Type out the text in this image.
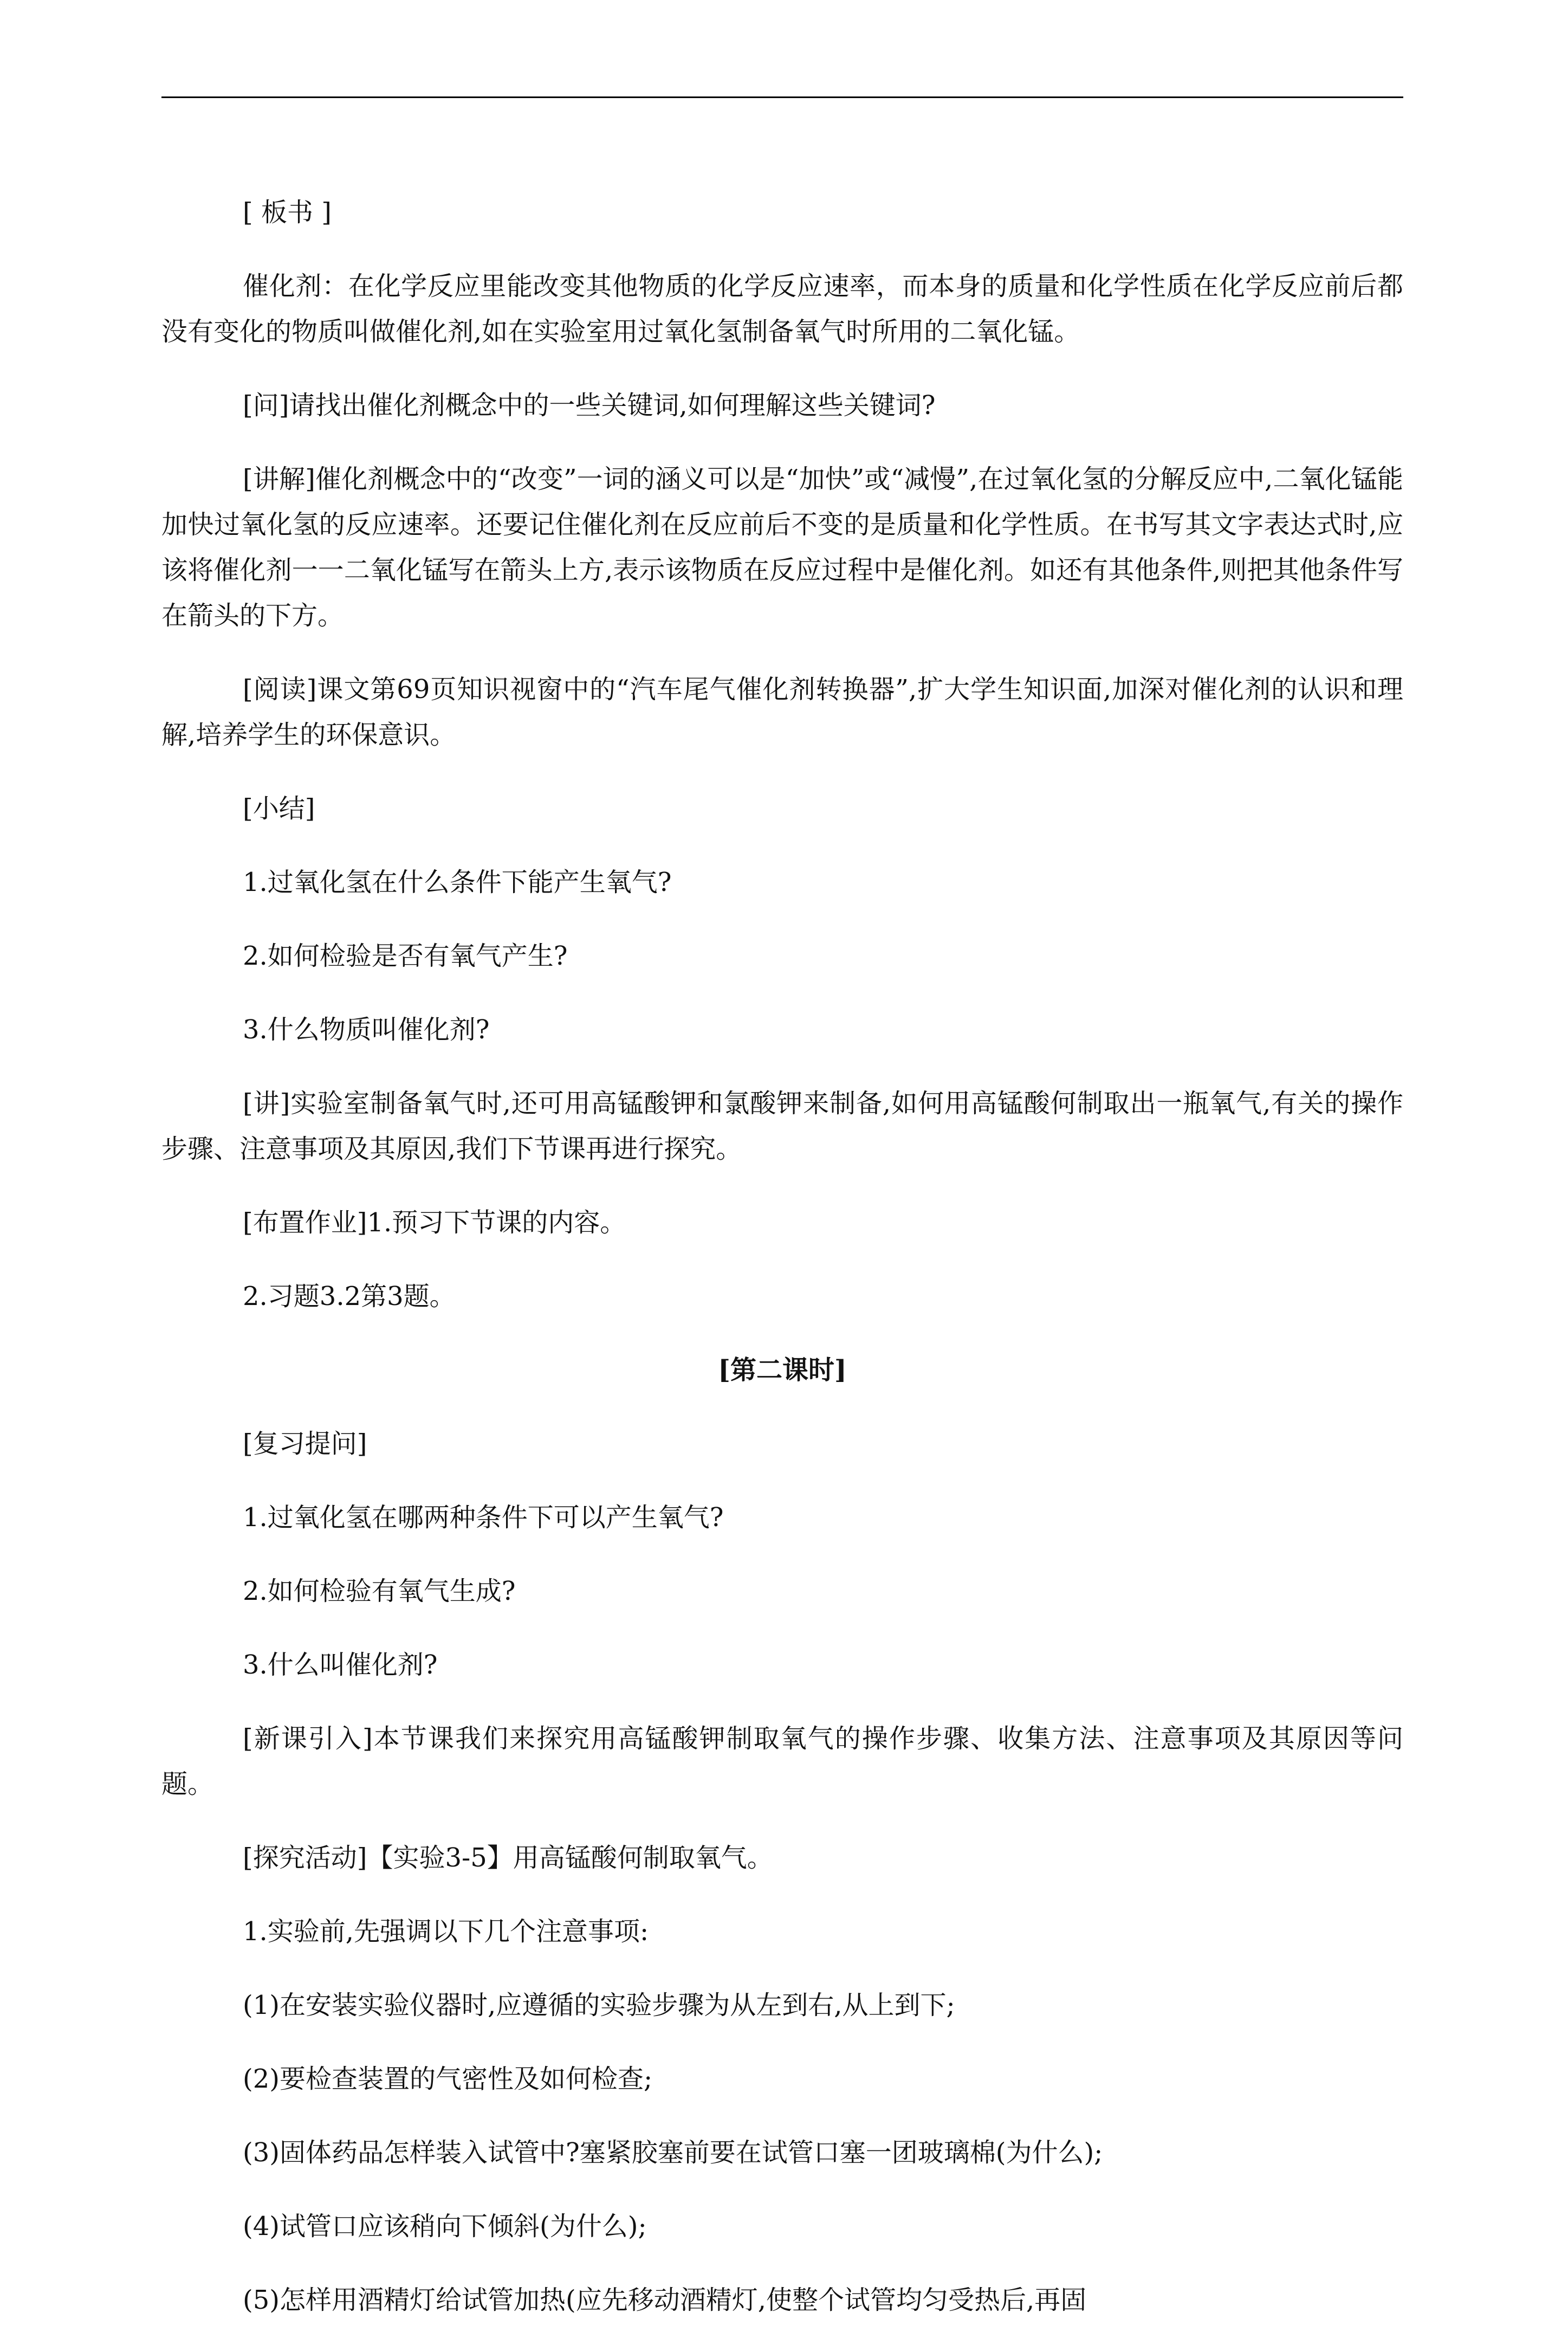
[ 板书 ]

催化剂：在化学反应里能改变其他物质的化学反应速率，而本身的质量和化学性质在化学反应前后都没有变化的物质叫做催化剂,如在实验室用过氧化氢制备氧气时所用的二氧化锰。

[问]请找出催化剂概念中的一些关键词,如何理解这些关键词?

[讲解]催化剂概念中的“改变”一词的涵义可以是“加快”或“减慢”,在过氧化氢的分解反应中,二氧化锰能加快过氧化氢的反应速率。还要记住催化剂在反应前后不变的是质量和化学性质。在书写其文字表达式时,应该将催化剂一一二氧化锰写在箭头上方,表示该物质在反应过程中是催化剂。如还有其他条件,则把其他条件写在箭头的下方。

[阅读]课文第69页知识视窗中的“汽车尾气催化剂转换器”,扩大学生知识面,加深对催化剂的认识和理解,培养学生的环保意识。

[小结]

1.过氧化氢在什么条件下能产生氧气?

2.如何检验是否有氧气产生?

3.什么物质叫催化剂?

[讲]实验室制备氧气时,还可用高锰酸钾和氯酸钾来制备,如何用高锰酸何制取出一瓶氧气,有关的操作步骤、注意事项及其原因,我们下节课再进行探究。

[布置作业]1.预习下节课的内容。

2.习题3.2第3题。

[第二课时]

[复习提问]

1.过氧化氢在哪两种条件下可以产生氧气?

2.如何检验有氧气生成?

3.什么叫催化剂?

[新课引入]本节课我们来探究用高锰酸钾制取氧气的操作步骤、收集方法、注意事项及其原因等问题。

[探究活动]【实验3-5】用高锰酸何制取氧气。

1.实验前,先强调以下几个注意事项:

(1)在安装实验仪器时,应遵循的实验步骤为从左到右,从上到下;

(2)要检查装置的气密性及如何检查;

(3)固体药品怎样装入试管中?塞紧胶塞前要在试管口塞一团玻璃棉(为什么);

(4)试管口应该稍向下倾斜(为什么);

(5)怎样用酒精灯给试管加热(应先移动酒精灯,使整个试管均匀受热后,再固
